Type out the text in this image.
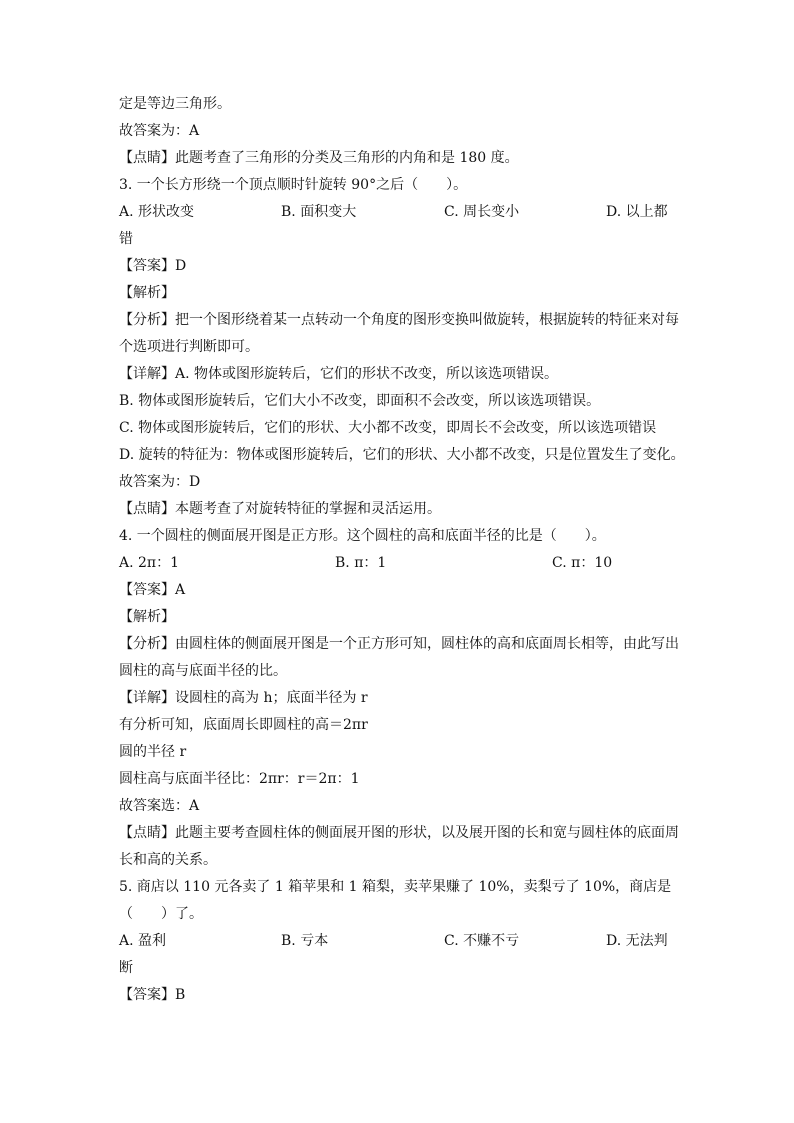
定是等边三角形。
故答案为：A
【点睛】此题考查了三角形的分类及三角形的内角和是 180 度。
3. 一个长方形绕一个顶点顺时针旋转 90°之后（　　）。
A. 形状改变	B. 面积变大	C. 周长变小	D. 以上都
错
【答案】D
【解析】
【分析】把一个图形绕着某一点转动一个角度的图形变换叫做旋转，根据旋转的特征来对每
个选项进行判断即可。
【详解】A. 物体或图形旋转后，它们的形状不改变，所以该选项错误。
B. 物体或图形旋转后，它们大小不改变，即面积不会改变，所以该选项错误。
C. 物体或图形旋转后，它们的形状、大小都不改变，即周长不会改变，所以该选项错误
D. 旋转的特征为：物体或图形旋转后，它们的形状、大小都不改变，只是位置发生了变化。
故答案为：D
【点睛】本题考查了对旋转特征的掌握和灵活运用。
4. 一个圆柱的侧面展开图是正方形。这个圆柱的高和底面半径的比是（　　）。
A. 2π：1	B. π：1	C. π：10
【答案】A
【解析】
【分析】由圆柱体的侧面展开图是一个正方形可知，圆柱体的高和底面周长相等，由此写出
圆柱的高与底面半径的比。
【详解】设圆柱的高为 h；底面半径为 r
有分析可知，底面周长即圆柱的高＝2πr
圆的半径 r
圆柱高与底面半径比：2πr：r＝2π：1
故答案选：A
【点睛】此题主要考查圆柱体的侧面展开图的形状，以及展开图的长和宽与圆柱体的底面周
长和高的关系。
5. 商店以 110 元各卖了 1 箱苹果和 1 箱梨，卖苹果赚了 10%，卖梨亏了 10%，商店是
（　　）了。
A. 盈利	B. 亏本	C. 不赚不亏	D. 无法判
断
【答案】B
